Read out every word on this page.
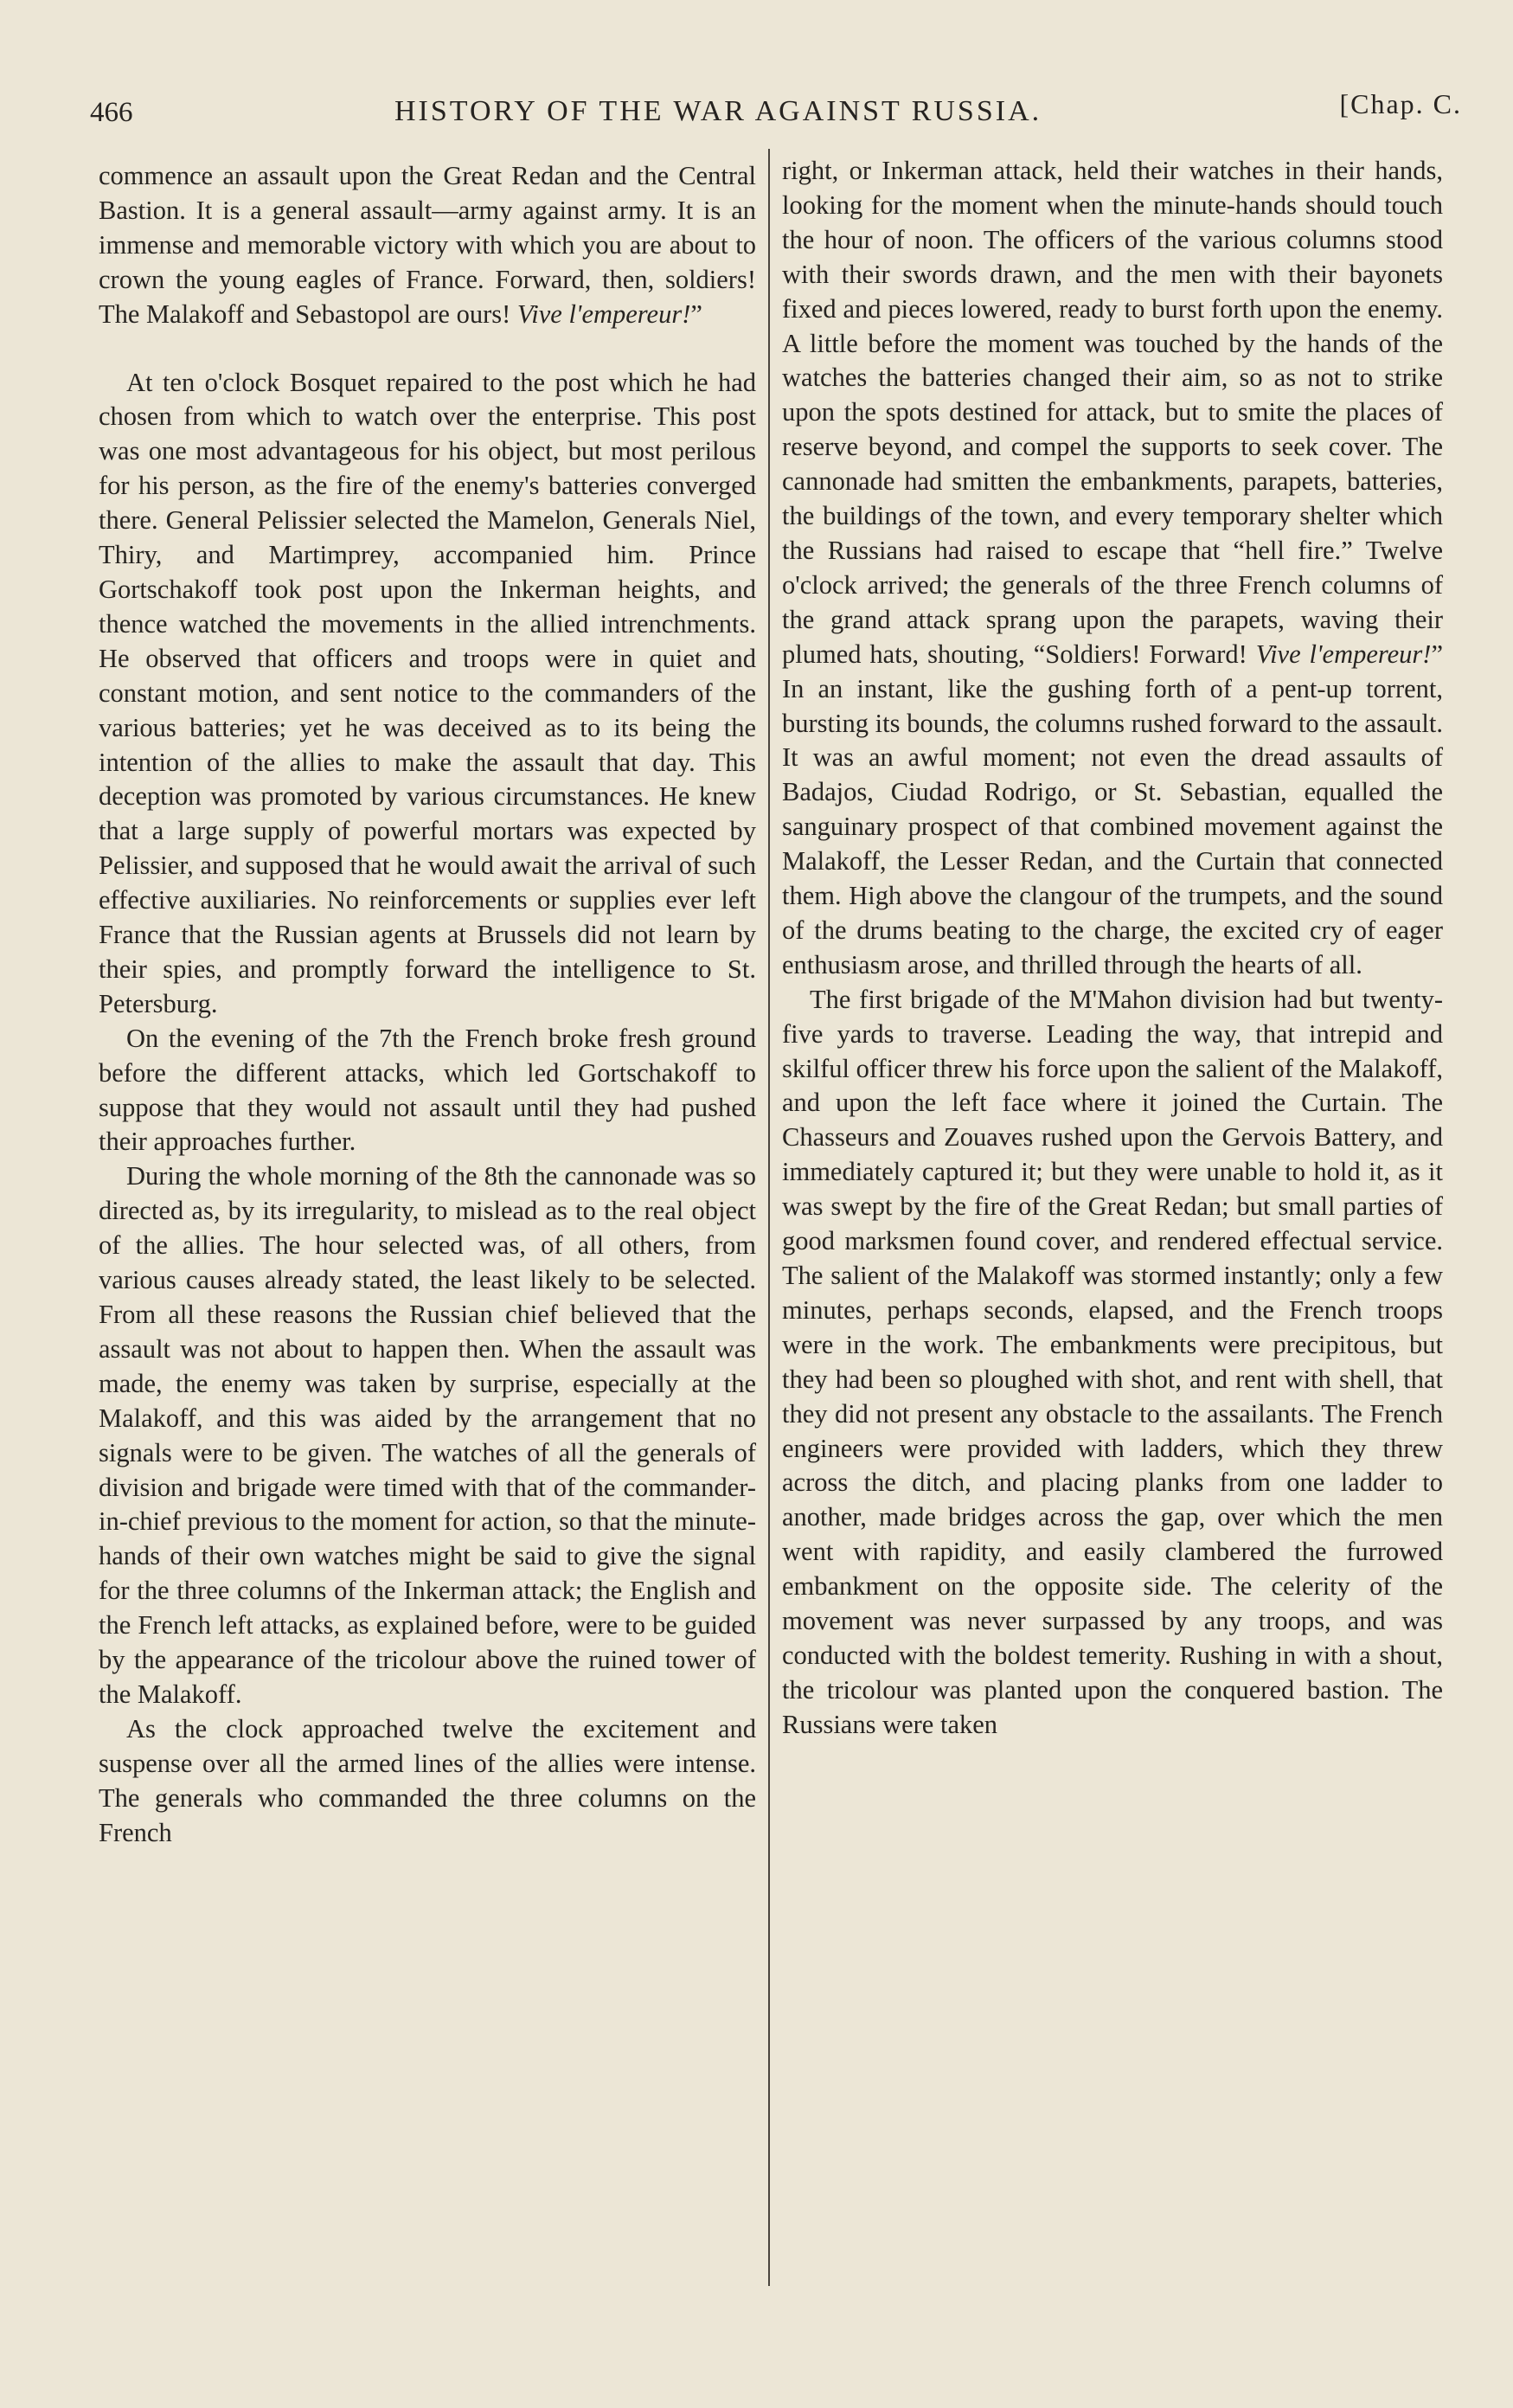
466	HISTORY OF THE WAR AGAINST RUSSIA.	[Chap. C.

commence an assault upon the Great Redan and the Central Bastion. It is a general assault—army against army. It is an immense and memorable victory with which you are about to crown the young eagles of France. Forward, then, soldiers! The Malakoff and Sebastopol are ours! Vive l'empereur!”

At ten o'clock Bosquet repaired to the post which he had chosen from which to watch over the enterprise. This post was one most advantageous for his object, but most perilous for his person, as the fire of the enemy's batteries converged there. General Pelissier selected the Mamelon, Generals Niel, Thiry, and Martimprey, accompanied him. Prince Gortschakoff took post upon the Inkerman heights, and thence watched the movements in the allied intrenchments. He observed that officers and troops were in quiet and constant motion, and sent notice to the commanders of the various batteries; yet he was deceived as to its being the intention of the allies to make the assault that day. This deception was promoted by various circumstances. He knew that a large supply of powerful mortars was expected by Pelissier, and supposed that he would await the arrival of such effective auxiliaries. No reinforcements or supplies ever left France that the Russian agents at Brussels did not learn by their spies, and promptly forward the intelligence to St. Petersburg.

On the evening of the 7th the French broke fresh ground before the different attacks, which led Gortschakoff to suppose that they would not assault until they had pushed their approaches further.

During the whole morning of the 8th the cannonade was so directed as, by its irregularity, to mislead as to the real object of the allies. The hour selected was, of all others, from various causes already stated, the least likely to be selected. From all these reasons the Russian chief believed that the assault was not about to happen then. When the assault was made, the enemy was taken by surprise, especially at the Malakoff, and this was aided by the arrangement that no signals were to be given. The watches of all the generals of division and brigade were timed with that of the commander-in-chief previous to the moment for action, so that the minute-hands of their own watches might be said to give the signal for the three columns of the Inkerman attack; the English and the French left attacks, as explained before, were to be guided by the appearance of the tricolour above the ruined tower of the Malakoff.

As the clock approached twelve the excitement and suspense over all the armed lines of the allies were intense. The generals who commanded the three columns on the French

right, or Inkerman attack, held their watches in their hands, looking for the moment when the minute-hands should touch the hour of noon. The officers of the various columns stood with their swords drawn, and the men with their bayonets fixed and pieces lowered, ready to burst forth upon the enemy. A little before the moment was touched by the hands of the watches the batteries changed their aim, so as not to strike upon the spots destined for attack, but to smite the places of reserve beyond, and compel the supports to seek cover. The cannonade had smitten the embankments, parapets, batteries, the buildings of the town, and every temporary shelter which the Russians had raised to escape that “hell fire.” Twelve o'clock arrived; the generals of the three French columns of the grand attack sprang upon the parapets, waving their plumed hats, shouting, “Soldiers! Forward! Vive l'empereur!” In an instant, like the gushing forth of a pent-up torrent, bursting its bounds, the columns rushed forward to the assault. It was an awful moment; not even the dread assaults of Badajos, Ciudad Rodrigo, or St. Sebastian, equalled the sanguinary prospect of that combined movement against the Malakoff, the Lesser Redan, and the Curtain that connected them. High above the clangour of the trumpets, and the sound of the drums beating to the charge, the excited cry of eager enthusiasm arose, and thrilled through the hearts of all.

The first brigade of the M'Mahon division had but twenty-five yards to traverse. Leading the way, that intrepid and skilful officer threw his force upon the salient of the Malakoff, and upon the left face where it joined the Curtain. The Chasseurs and Zouaves rushed upon the Gervois Battery, and immediately captured it; but they were unable to hold it, as it was swept by the fire of the Great Redan; but small parties of good marksmen found cover, and rendered effectual service. The salient of the Malakoff was stormed instantly; only a few minutes, perhaps seconds, elapsed, and the French troops were in the work. The embankments were precipitous, but they had been so ploughed with shot, and rent with shell, that they did not present any obstacle to the assailants. The French engineers were provided with ladders, which they threw across the ditch, and placing planks from one ladder to another, made bridges across the gap, over which the men went with rapidity, and easily clambered the furrowed embankment on the opposite side. The celerity of the movement was never surpassed by any troops, and was conducted with the boldest temerity. Rushing in with a shout, the tricolour was planted upon the conquered bastion. The Russians were taken
